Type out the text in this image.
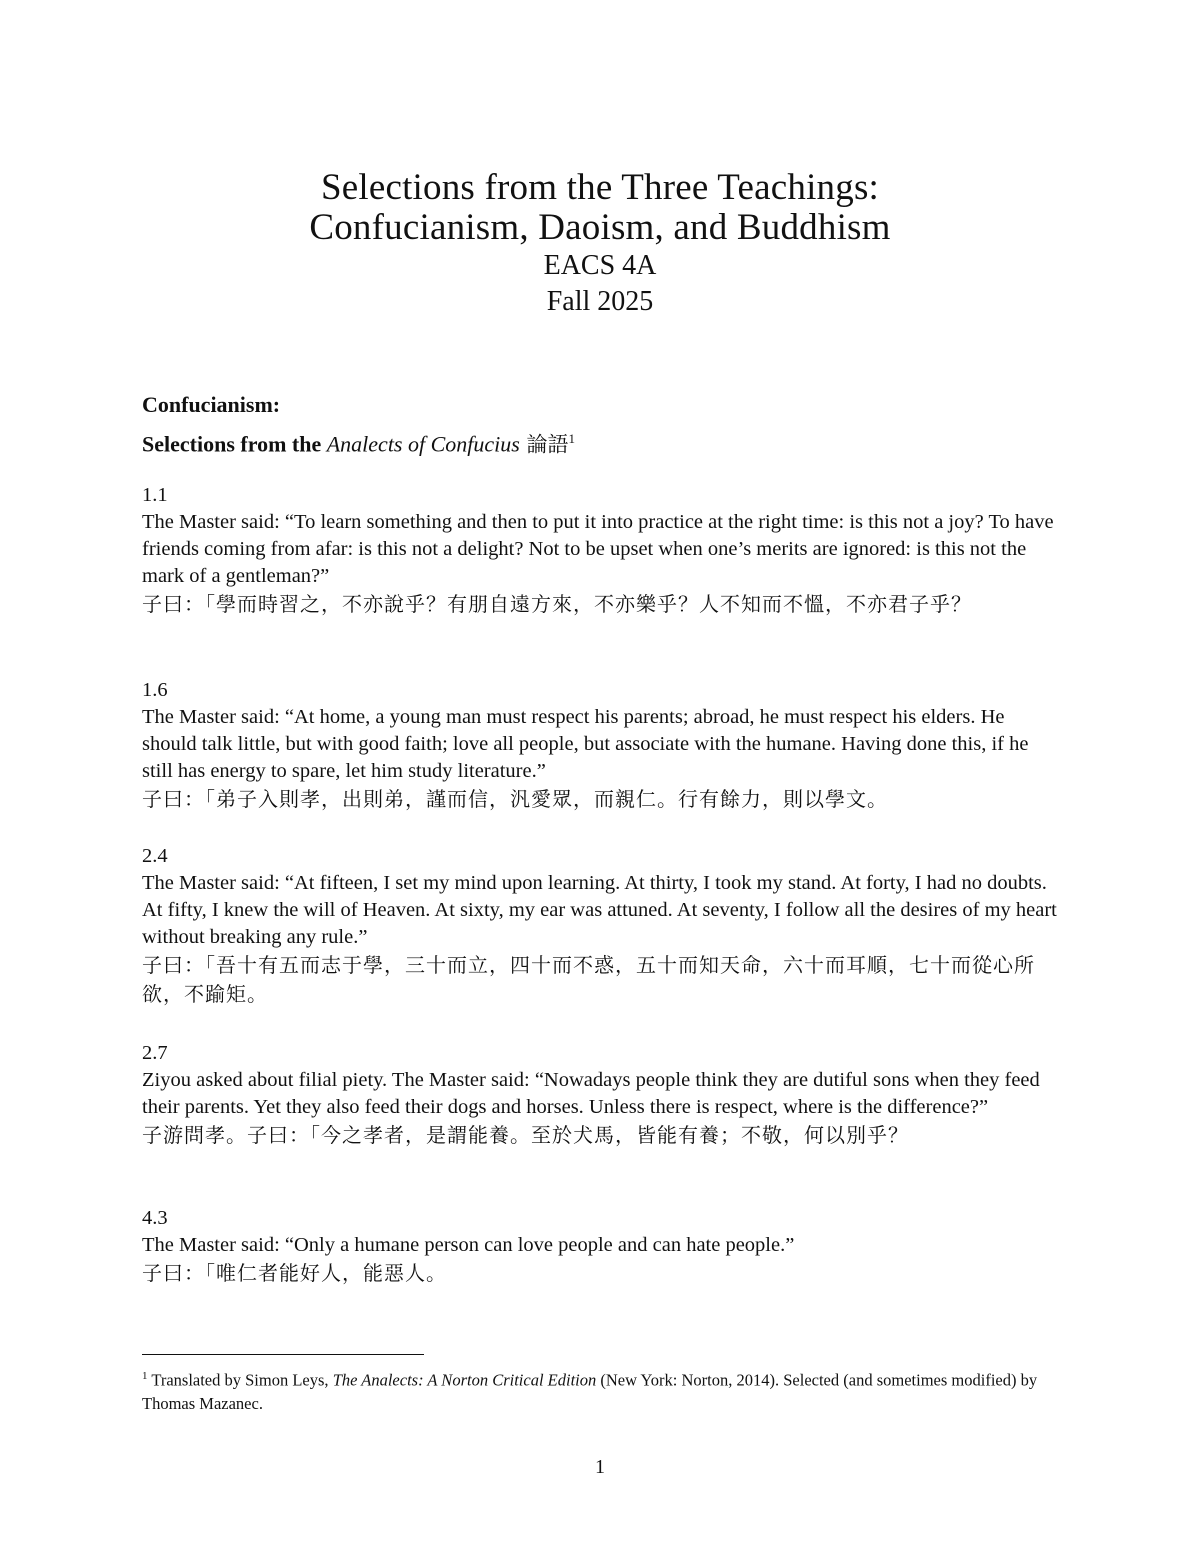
Selections from the Three Teachings:
Confucianism, Daoism, and Buddhism
EACS 4A
Fall 2025
Confucianism:
Selections from the Analects of Confucius 論語$^1$
1.1
The Master said: “To learn something and then to put it into practice at the right time: is this not a joy? To have friends coming from afar: is this not a delight? Not to be upset when one’s merits are ignored: is this not the mark of a gentleman?”
子曰：「學而時習之，不亦說乎？有朋自遠方來，不亦樂乎？人不知而不慍，不亦君子乎？
1.6
The Master said: “At home, a young man must respect his parents; abroad, he must respect his elders. He should talk little, but with good faith; love all people, but associate with the humane. Having done this, if he still has energy to spare, let him study literature.”
子曰：「弟子入則孝，出則弟，謹而信，汎愛眾，而親仁。行有餘力，則以學文。
2.4
The Master said: “At fifteen, I set my mind upon learning. At thirty, I took my stand. At forty, I had no doubts. At fifty, I knew the will of Heaven. At sixty, my ear was attuned. At seventy, I follow all the desires of my heart without breaking any rule.”
子曰：「吾十有五而志于學，三十而立，四十而不惑，五十而知天命，六十而耳順，七十而從心所欲，不踰矩。
2.7
Ziyou asked about filial piety. The Master said: “Nowadays people think they are dutiful sons when they feed their parents. Yet they also feed their dogs and horses. Unless there is respect, where is the difference?”
子游問孝。子曰：「今之孝者，是謂能養。至於犬馬，皆能有養；不敬，何以別乎？
4.3
The Master said: “Only a humane person can love people and can hate people.”
子曰：「唯仁者能好人，能惡人。
$^1$ Translated by Simon Leys, The Analects: A Norton Critical Edition (New York: Norton, 2014). Selected (and sometimes modified) by Thomas Mazanec.
1
